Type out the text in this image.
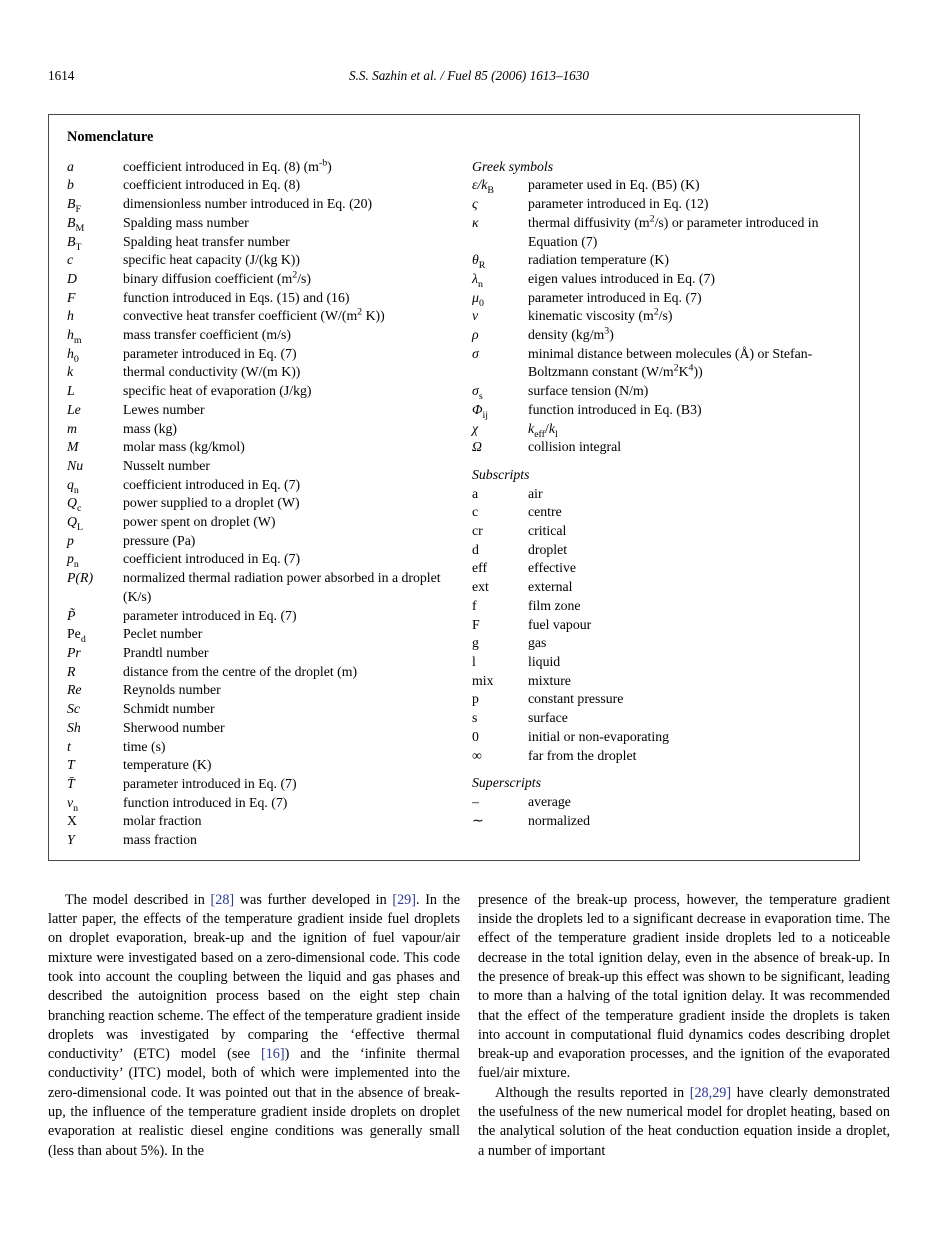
1614	S.S. Sazhin et al. / Fuel 85 (2006) 1613–1630
Nomenclature
a	coefficient introduced in Eq. (8) $(m^{-b})$
b	coefficient introduced in Eq. (8)
$B_F$	dimensionless number introduced in Eq. (20)
$B_M$	Spalding mass number
$B_T$	Spalding heat transfer number
c	specific heat capacity (J/(kg K))
D	binary diffusion coefficient $(m^2/s)$
F	function introduced in Eqs. (15) and (16)
h	convective heat transfer coefficient ($W/(m^2$ K))
$h_m$	mass transfer coefficient (m/s)
$h_0$	parameter introduced in Eq. (7)
k	thermal conductivity (W/(m K))
L	specific heat of evaporation (J/kg)
Le	Lewes number
m	mass (kg)
M	molar mass (kg/kmol)
Nu	Nusselt number
$q_n$	coefficient introduced in Eq. (7)
$Q_c$	power supplied to a droplet (W)
$Q_L$	power spent on droplet (W)
p	pressure (Pa)
$p_n$	coefficient introduced in Eq. (7)
P(R)	normalized thermal radiation power absorbed in a droplet (K/s)
P̃	parameter introduced in Eq. (7)
$Pe_d$	Peclet number
Pr	Prandtl number
R	distance from the centre of the droplet (m)
Re	Reynolds number
Sc	Schmidt number
Sh	Sherwood number
t	time (s)
T	temperature (K)
T̄	parameter introduced in Eq. (7)
$v_n$	function introduced in Eq. (7)
X	molar fraction
Y	mass fraction
Greek symbols
$\varepsilon/k_B$	parameter used in Eq. (B5) (K)
ς	parameter introduced in Eq. (12)
κ	thermal diffusivity $(m^2/s)$ or parameter introduced in Equation (7)
$\theta_R$	radiation temperature (K)
$\lambda_n$	eigen values introduced in Eq. (7)
$\mu_0$	parameter introduced in Eq. (7)
ν	kinematic viscosity $(m^2/s)$
ρ	density $(kg/m^3)$
σ	minimal distance between molecules (Å) or Stefan-Boltzmann constant $(W/m^2K^4)$)
$\sigma_s$	surface tension (N/m)
$\Phi_{ij}$	function introduced in Eq. (B3)
χ	$k_{eff}/k_l$
Ω	collision integral
Subscripts
a	air
c	centre
cr	critical
d	droplet
eff	effective
ext	external
f	film zone
F	fuel vapour
g	gas
l	liquid
mix	mixture
p	constant pressure
s	surface
0	initial or non-evaporating
∞	far from the droplet
Superscripts
–	average
∼	normalized

The model described in [28] was further developed in [29]. In the latter paper, the effects of the temperature gradient inside fuel droplets on droplet evaporation, break-up and the ignition of fuel vapour/air mixture were investigated based on a zero-dimensional code. This code took into account the coupling between the liquid and gas phases and described the autoignition process based on the eight step chain branching reaction scheme. The effect of the temperature gradient inside droplets was investigated by comparing the ‘effective thermal conductivity’ (ETC) model (see [16]) and the ‘infinite thermal conductivity’ (ITC) model, both of which were implemented into the zero-dimensional code. It was pointed out that in the absence of break-up, the influence of the temperature gradient inside droplets on droplet evaporation at realistic diesel engine conditions was generally small (less than about 5%). In the

presence of the break-up process, however, the temperature gradient inside the droplets led to a significant decrease in evaporation time. The effect of the temperature gradient inside droplets led to a noticeable decrease in the total ignition delay, even in the absence of break-up. In the presence of break-up this effect was shown to be significant, leading to more than a halving of the total ignition delay. It was recommended that the effect of the temperature gradient inside the droplets is taken into account in computational fluid dynamics codes describing droplet break-up and evaporation processes, and the ignition of the evaporated fuel/air mixture.

Although the results reported in [28,29] have clearly demonstrated the usefulness of the new numerical model for droplet heating, based on the analytical solution of the heat conduction equation inside a droplet, a number of important
